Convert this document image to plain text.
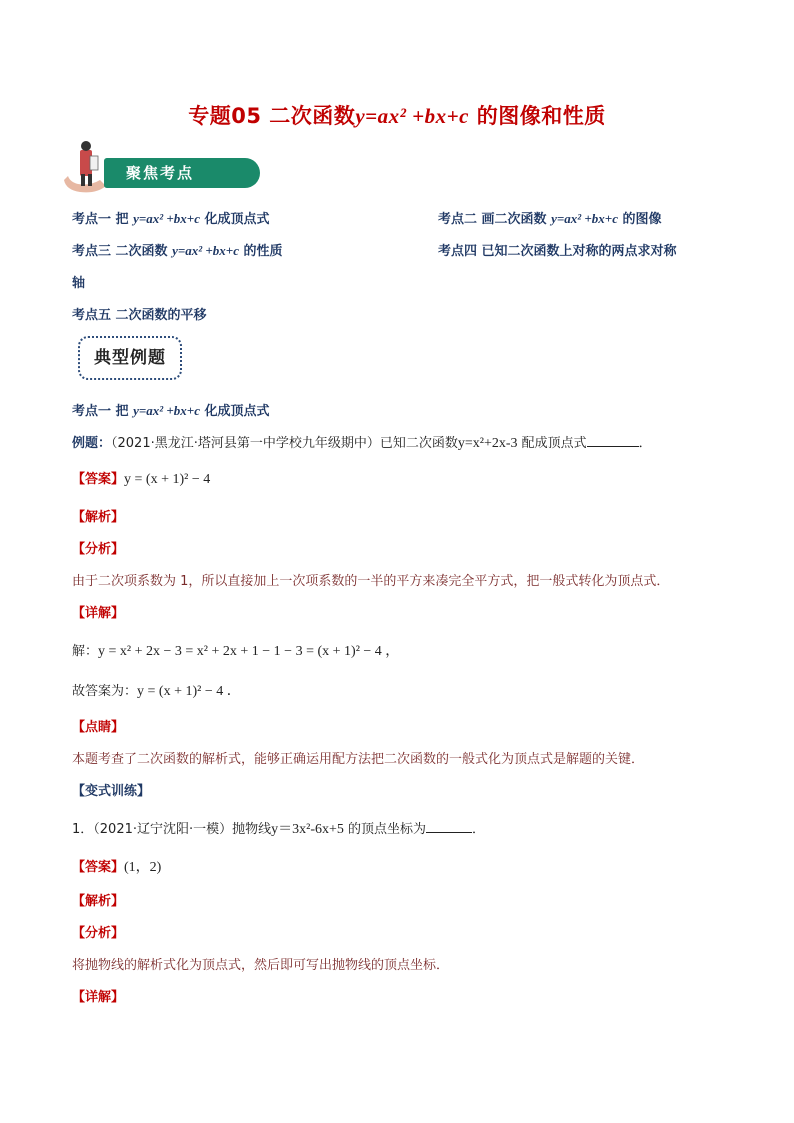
专题05 二次函数y=ax² +bx+c 的图像和性质
聚焦考点
考点一 把 y=ax² +bx+c 化成顶点式	考点二 画二次函数 y=ax² +bx+c 的图像
考点三 二次函数 y=ax² +bx+c 的性质	考点四 已知二次函数上对称的两点求对称
轴
考点五 二次函数的平移
典型例题
考点一 把 y=ax² +bx+c 化成顶点式
例题：（2021·黑龙江·塔河县第一中学校九年级期中）已知二次函数y=x²+2x-3 配成顶点式	．
【答案】y = (x + 1)² − 4
【解析】
【分析】
由于二次项系数为 1，所以直接加上一次项系数的一半的平方来凑完全平方式，把一般式转化为顶点式．
【详解】
解：y = x² + 2x − 3 = x² + 2x + 1 − 1 − 3 = (x + 1)² − 4 ，
故答案为：y = (x + 1)² − 4 ．
【点睛】
本题考查了二次函数的解析式，能够正确运用配方法把二次函数的一般式化为顶点式是解题的关键．
【变式训练】
1．（2021·辽宁沈阳·一模）抛物线y＝3x²-6x+5 的顶点坐标为	．
【答案】(1，2)
【解析】
【分析】
将抛物线的解析式化为顶点式，然后即可写出抛物线的顶点坐标．
【详解】
